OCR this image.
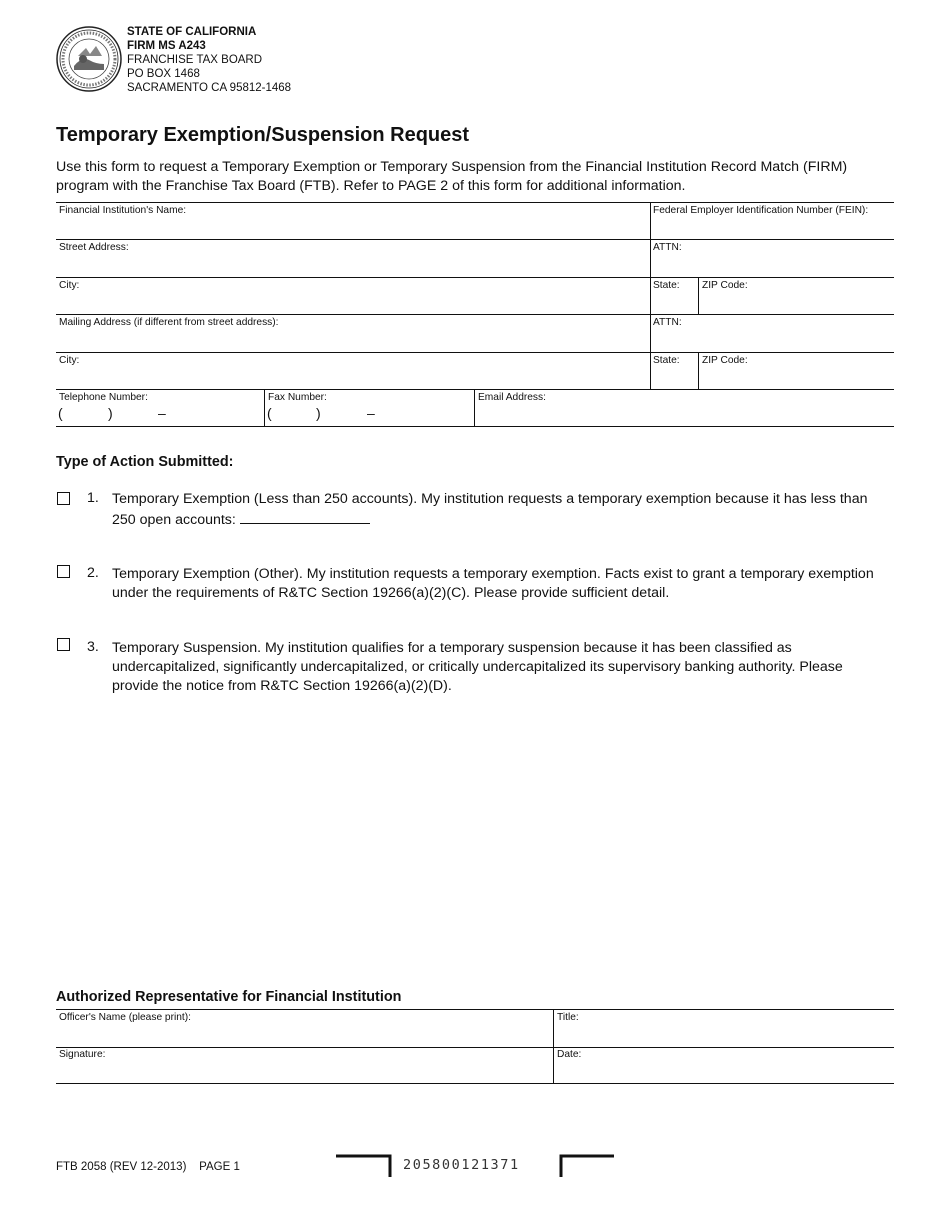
STATE OF CALIFORNIA
FIRM MS A243
FRANCHISE TAX BOARD
PO BOX 1468
SACRAMENTO CA 95812-1468
Temporary Exemption/Suspension Request
Use this form to request a Temporary Exemption or Temporary Suspension from the Financial Institution Record Match (FIRM) program with the Franchise Tax Board (FTB). Refer to PAGE 2 of this form for additional information.
Financial Institution's Name:	Federal Employer Identification Number (FEIN):
Street Address:	ATTN:
City:	State: ZIP Code:
Mailing Address (if different from street address):	ATTN:
City:	State: ZIP Code:
Telephone Number:	Fax Number:	Email Address:
(	)	–	(	)	–
Type of Action Submitted:
1. Temporary Exemption (Less than 250 accounts). My institution requests a temporary exemption because it has less than 250 open accounts:
2. Temporary Exemption (Other). My institution requests a temporary exemption. Facts exist to grant a temporary exemption under the requirements of R&TC Section 19266(a)(2)(C). Please provide sufficient detail.
3. Temporary Suspension. My institution qualifies for a temporary suspension because it has been classified as undercapitalized, significantly undercapitalized, or critically undercapitalized its supervisory banking authority. Please provide the notice from R&TC Section 19266(a)(2)(D).
Authorized Representative for Financial Institution
Officer's Name (please print):	Title:
Signature:	Date:
FTB 2058 (REV 12-2013)    PAGE 1	205800121371
